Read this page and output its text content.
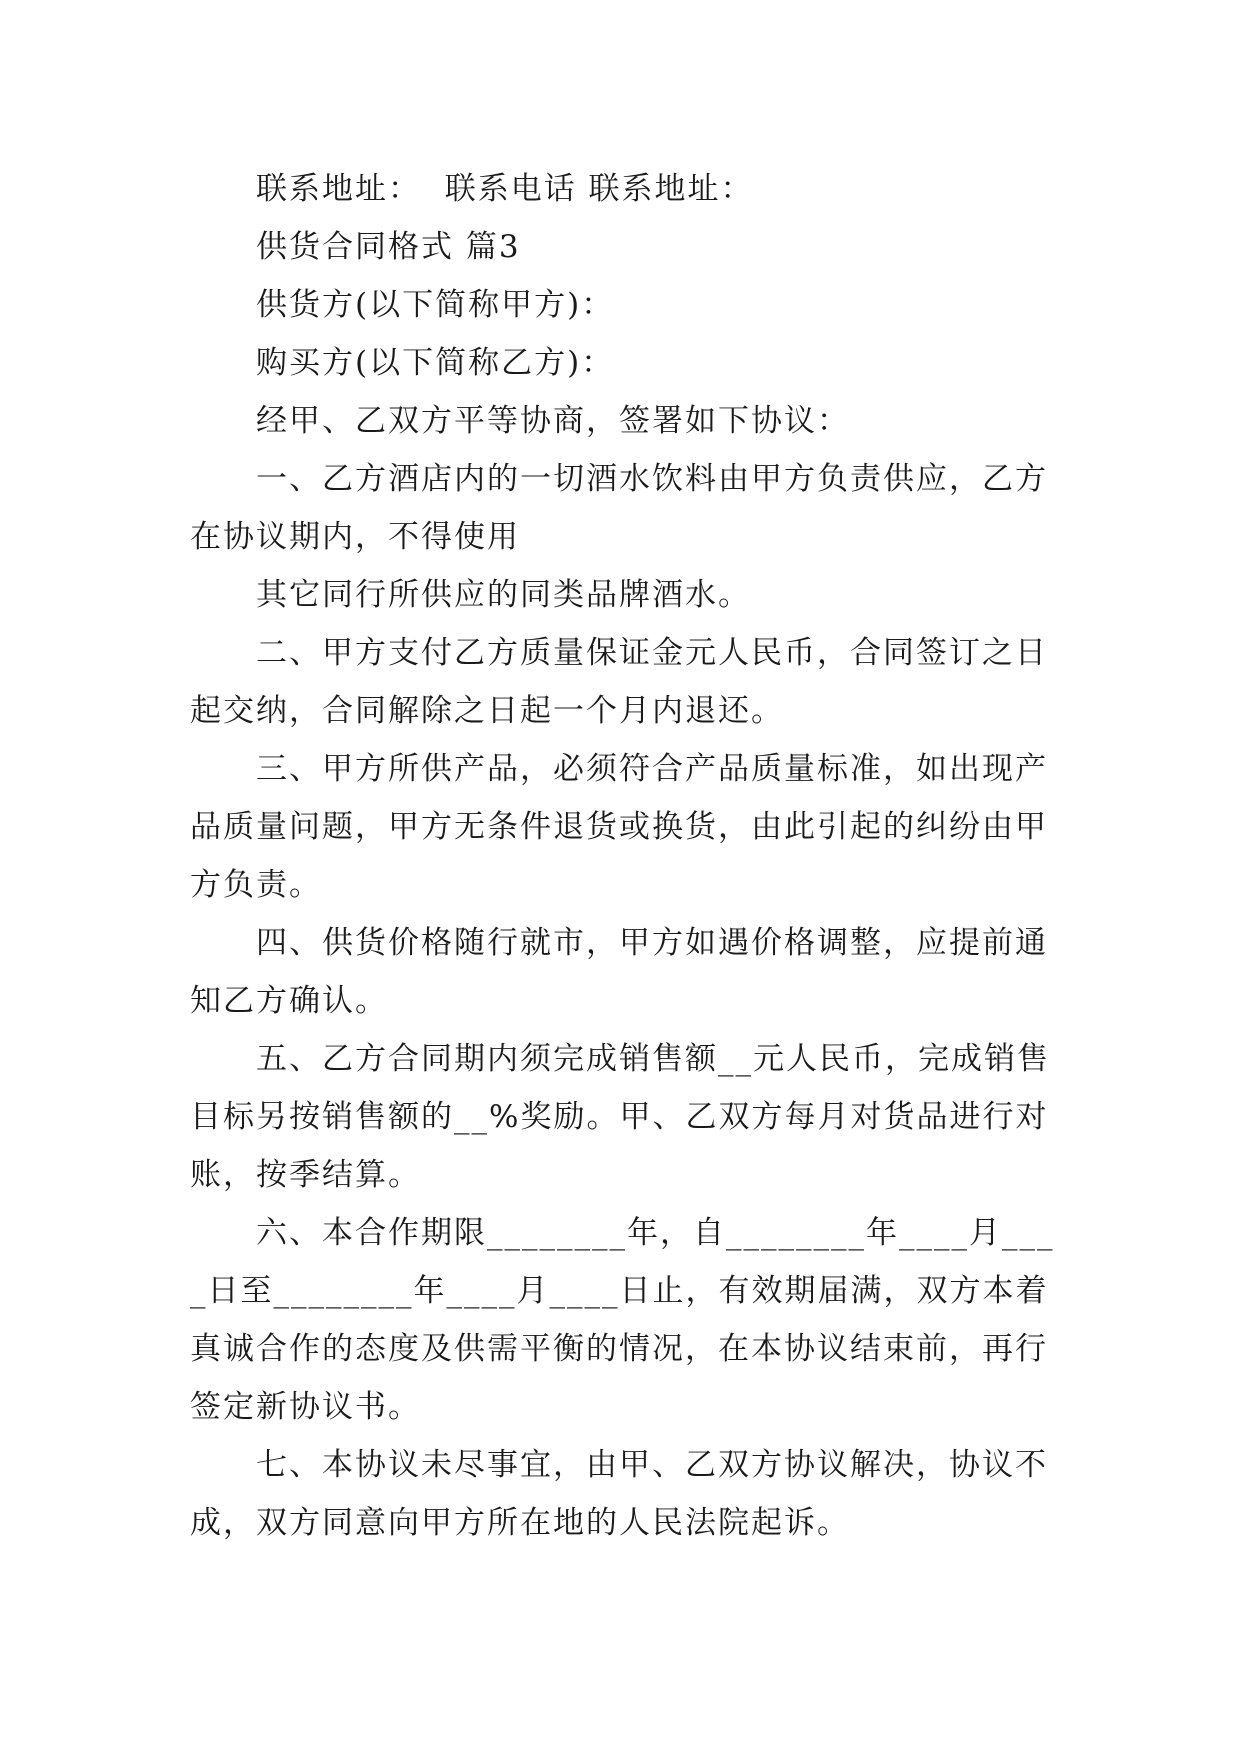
联系地址：  联系电话 联系地址：

供货合同格式 篇3

供货方(以下简称甲方)：

购买方(以下简称乙方)：

经甲、乙双方平等协商，签署如下协议：

一、乙方酒店内的一切酒水饮料由甲方负责供应，乙方在协议期内，不得使用

其它同行所供应的同类品牌酒水。

二、甲方支付乙方质量保证金元人民币，合同签订之日起交纳，合同解除之日起一个月内退还。

三、甲方所供产品，必须符合产品质量标准，如出现产品质量问题，甲方无条件退货或换货，由此引起的纠纷由甲方负责。

四、供货价格随行就市，甲方如遇价格调整，应提前通知乙方确认。

五、乙方合同期内须完成销售额__元人民币，完成销售目标另按销售额的__%奖励。甲、乙双方每月对货品进行对账，按季结算。

六、本合作期限________年，自________年____月____日至________年____月____日止，有效期届满，双方本着真诚合作的态度及供需平衡的情况，在本协议结束前，再行签定新协议书。

七、本协议未尽事宜，由甲、乙双方协议解决，协议不成，双方同意向甲方所在地的人民法院起诉。
